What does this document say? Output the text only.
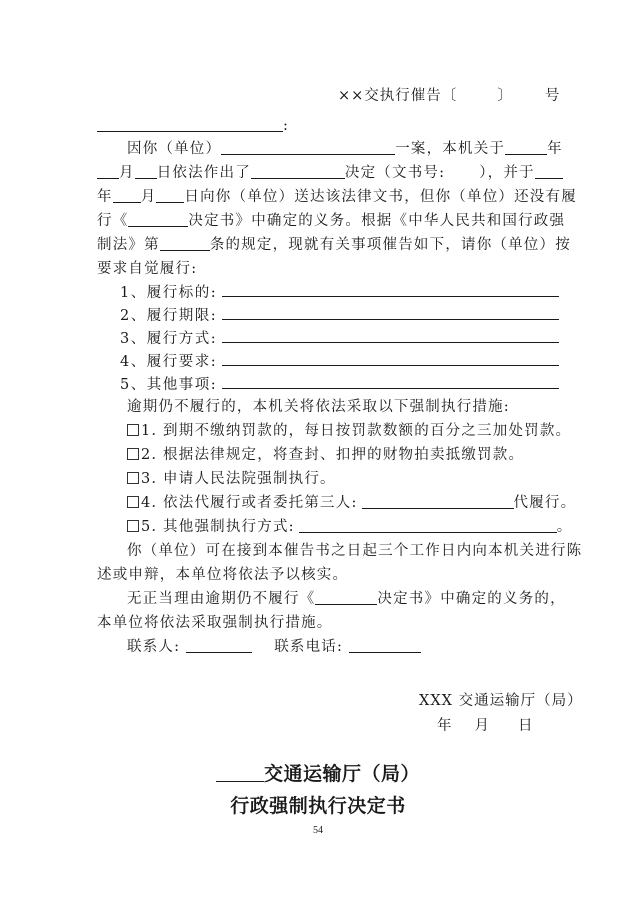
××交执行催告〔	〕 号
:
因你（单位）	一案，本机关于	年
月 日依法作出了	决定（文书号: ），并于
年 月 日向你（单位）送达该法律文书，但你（单位）还没有履
行《	决定书》中确定的义务。根据《中华人民共和国行政强
制法》第	条的规定，现就有关事项催告如下，请你（单位）按
要求自觉履行:
1、履行标的:
2、履行期限:
3、履行方式:
4、履行要求:
5、其他事项:
逾期仍不履行的，本机关将依法采取以下强制执行措施:
1. 到期不缴纳罚款的，每日按罚款数额的百分之三加处罚款。
2. 根据法律规定，将查封、扣押的财物拍卖抵缴罚款。
3. 申请人民法院强制执行。
4. 依法代履行或者委托第三人:	代履行。
5. 其他强制执行方式:	。
你（单位）可在接到本催告书之日起三个工作日内向本机关进行陈
述或申辩，本单位将依法予以核实。
无正当理由逾期仍不履行《	决定书》中确定的义务的，
本单位将依法采取强制执行措施。
联系人:	联系电话:
XXX 交通运输厅（局）
年 月 日
交通运输厅（局）
行政强制执行决定书
54
